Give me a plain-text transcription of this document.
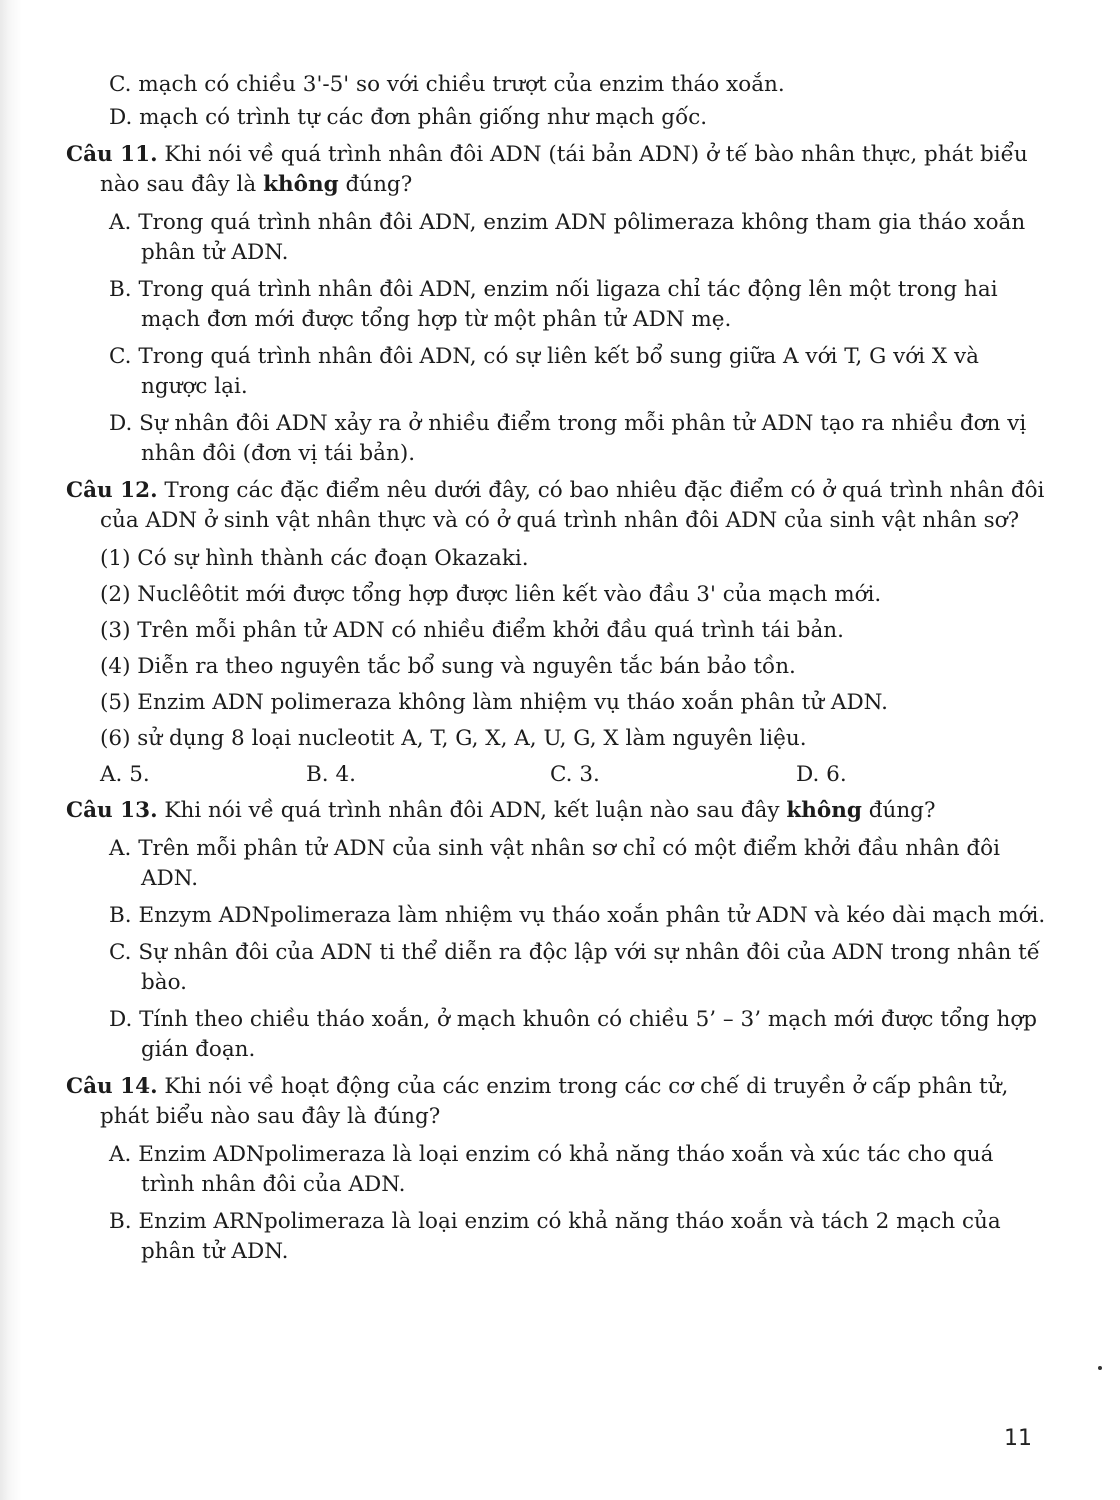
C. mạch có chiều 3'-5' so với chiều trượt của enzim tháo xoắn.
D. mạch có trình tự các đơn phân giống như mạch gốc.
Câu 11. Khi nói về quá trình nhân đôi ADN (tái bản ADN) ở tế bào nhân thực, phát biểu nào sau đây là không đúng?
A. Trong quá trình nhân đôi ADN, enzim ADN pôlimeraza không tham gia tháo xoắn phân tử ADN.
B. Trong quá trình nhân đôi ADN, enzim nối ligaza chỉ tác động lên một trong hai mạch đơn mới được tổng hợp từ một phân tử ADN mẹ.
C. Trong quá trình nhân đôi ADN, có sự liên kết bổ sung giữa A với T, G với X và ngược lại.
D. Sự nhân đôi ADN xảy ra ở nhiều điểm trong mỗi phân tử ADN tạo ra nhiều đơn vị nhân đôi (đơn vị tái bản).
Câu 12. Trong các đặc điểm nêu dưới đây, có bao nhiêu đặc điểm có ở quá trình nhân đôi của ADN ở sinh vật nhân thực và có ở quá trình nhân đôi ADN của sinh vật nhân sơ?
(1) Có sự hình thành các đoạn Okazaki.
(2) Nuclêôtit mới được tổng hợp được liên kết vào đầu 3' của mạch mới.
(3) Trên mỗi phân tử ADN có nhiều điểm khởi đầu quá trình tái bản.
(4) Diễn ra theo nguyên tắc bổ sung và nguyên tắc bán bảo tồn.
(5) Enzim ADN polimeraza không làm nhiệm vụ tháo xoắn phân tử ADN.
(6) sử dụng 8 loại nucleotit A, T, G, X, A, U, G, X làm nguyên liệu.
A. 5.	B. 4.	C. 3.	D. 6.
Câu 13. Khi nói về quá trình nhân đôi ADN, kết luận nào sau đây không đúng?
A. Trên mỗi phân tử ADN của sinh vật nhân sơ chỉ có một điểm khởi đầu nhân đôi ADN.
B. Enzym ADNpolimeraza làm nhiệm vụ tháo xoắn phân tử ADN và kéo dài mạch mới.
C. Sự nhân đôi của ADN ti thể diễn ra độc lập với sự nhân đôi của ADN trong nhân tế bào.
D. Tính theo chiều tháo xoắn, ở mạch khuôn có chiều 5’ – 3’ mạch mới được tổng hợp gián đoạn.
Câu 14. Khi nói về hoạt động của các enzim trong các cơ chế di truyền ở cấp phân tử, phát biểu nào sau đây là đúng?
A. Enzim ADNpolimeraza là loại enzim có khả năng tháo xoắn và xúc tác cho quá trình nhân đôi của ADN.
B. Enzim ARNpolimeraza là loại enzim có khả năng tháo xoắn và tách 2 mạch của phân tử ADN.
11
